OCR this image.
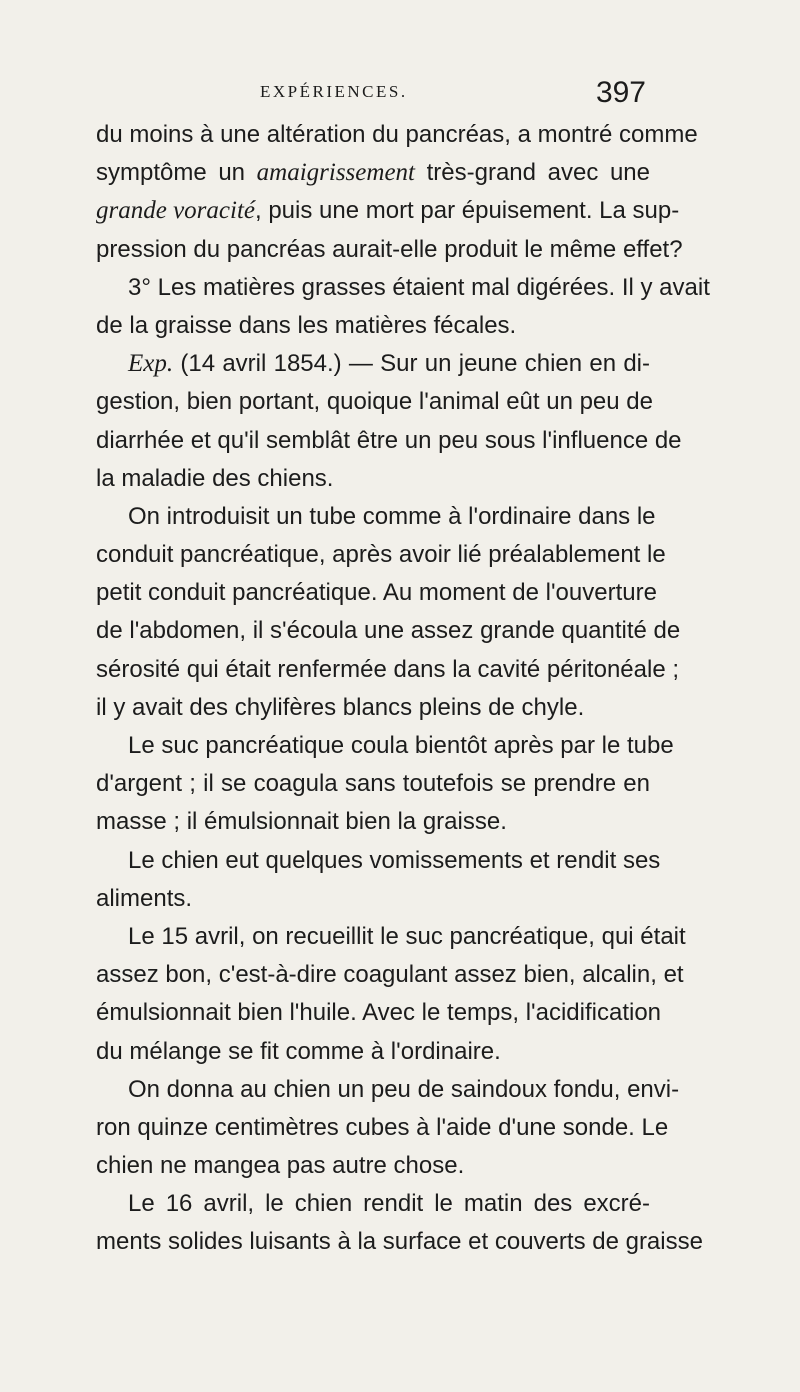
EXPÉRIENCES.	397
du moins à une altération du pancréas, a montré comme
symptôme un amaigrissement très-grand avec une
grande voracité, puis une mort par épuisement. La sup-
pression du pancréas aurait-elle produit le même effet?
3° Les matières grasses étaient mal digérées. Il y avait
de la graisse dans les matières fécales.
Exp. (14 avril 1854.) — Sur un jeune chien en di-
gestion, bien portant, quoique l'animal eût un peu de
diarrhée et qu'il semblât être un peu sous l'influence de
la maladie des chiens.
On introduisit un tube comme à l'ordinaire dans le
conduit pancréatique, après avoir lié préalablement le
petit conduit pancréatique. Au moment de l'ouverture
de l'abdomen, il s'écoula une assez grande quantité de
sérosité qui était renfermée dans la cavité péritonéale ;
il y avait des chylifères blancs pleins de chyle.
Le suc pancréatique coula bientôt après par le tube
d'argent ; il se coagula sans toutefois se prendre en
masse ; il émulsionnait bien la graisse.
Le chien eut quelques vomissements et rendit ses
aliments.
Le 15 avril, on recueillit le suc pancréatique, qui était
assez bon, c'est-à-dire coagulant assez bien, alcalin, et
émulsionnait bien l'huile. Avec le temps, l'acidification
du mélange se fit comme à l'ordinaire.
On donna au chien un peu de saindoux fondu, envi-
ron quinze centimètres cubes à l'aide d'une sonde. Le
chien ne mangea pas autre chose.
Le 16 avril, le chien rendit le matin des excré-
ments solides luisants à la surface et couverts de graisse
